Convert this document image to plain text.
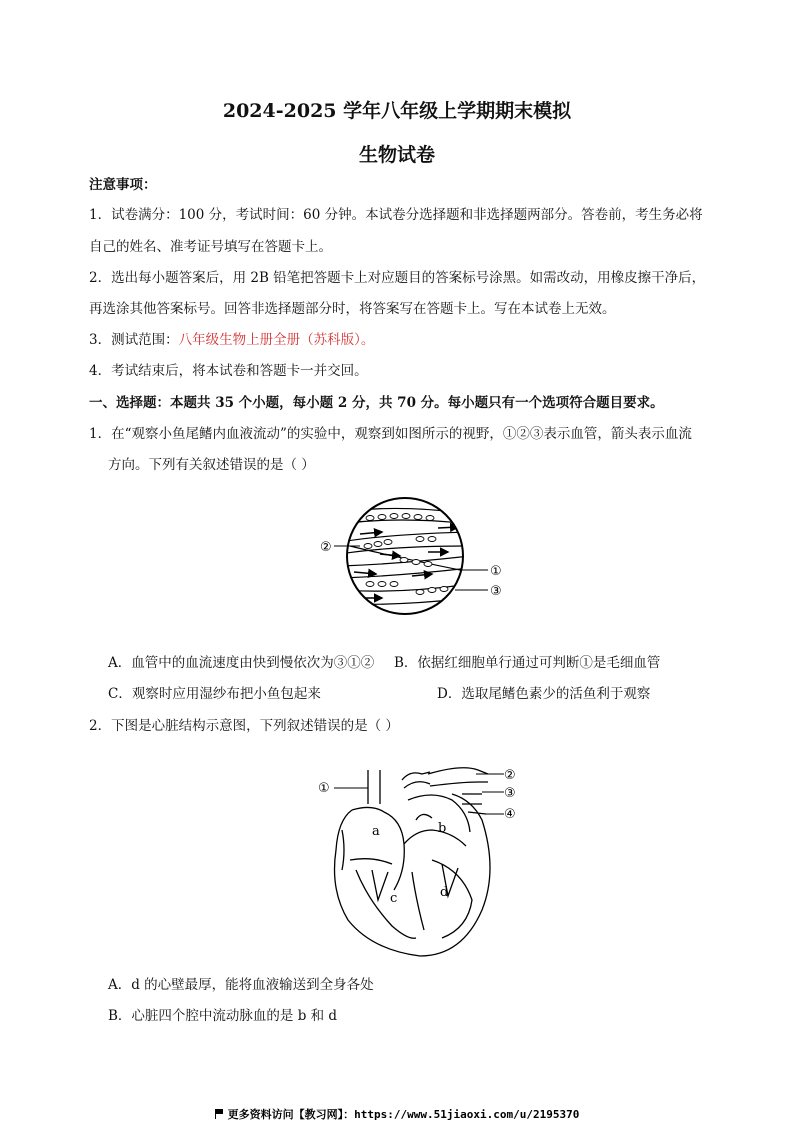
2024-2025 学年八年级上学期期末模拟
生物试卷
注意事项：
1．试卷满分：100 分，考试时间：60 分钟。本试卷分选择题和非选择题两部分。答卷前，考生务必将
自己的姓名、准考证号填写在答题卡上。
2．选出每小题答案后，用 2B 铅笔把答题卡上对应题目的答案标号涂黑。如需改动，用橡皮擦干净后，
再选涂其他答案标号。回答非选择题部分时，将答案写在答题卡上。写在本试卷上无效。
3．测试范围：八年级生物上册全册（苏科版）。
4．考试结束后，将本试卷和答题卡一并交回。
一、选择题：本题共 35 个小题，每小题 2 分，共 70 分。每小题只有一个选项符合题目要求。
1．在“观察小鱼尾鳍内血液流动”的实验中，观察到如图所示的视野，①②③表示血管，箭头表示血流
方向。下列有关叙述错误的是（ ）
②
①
③
A．血管中的血流速度由快到慢依次为③①② B．依据红细胞单行通过可判断①是毛细血管
C．观察时应用湿纱布把小鱼包起来	D．选取尾鳍色素少的活鱼利于观察
2．下图是心脏结构示意图，下列叙述错误的是（ ）
①
②
③
④
a	b
c	d
A．d 的心壁最厚，能将血液输送到全身各处
B．心脏四个腔中流动脉血的是 b 和 d
更多资料访问【教习网】：https://www.51jiaoxi.com/u/2195370
